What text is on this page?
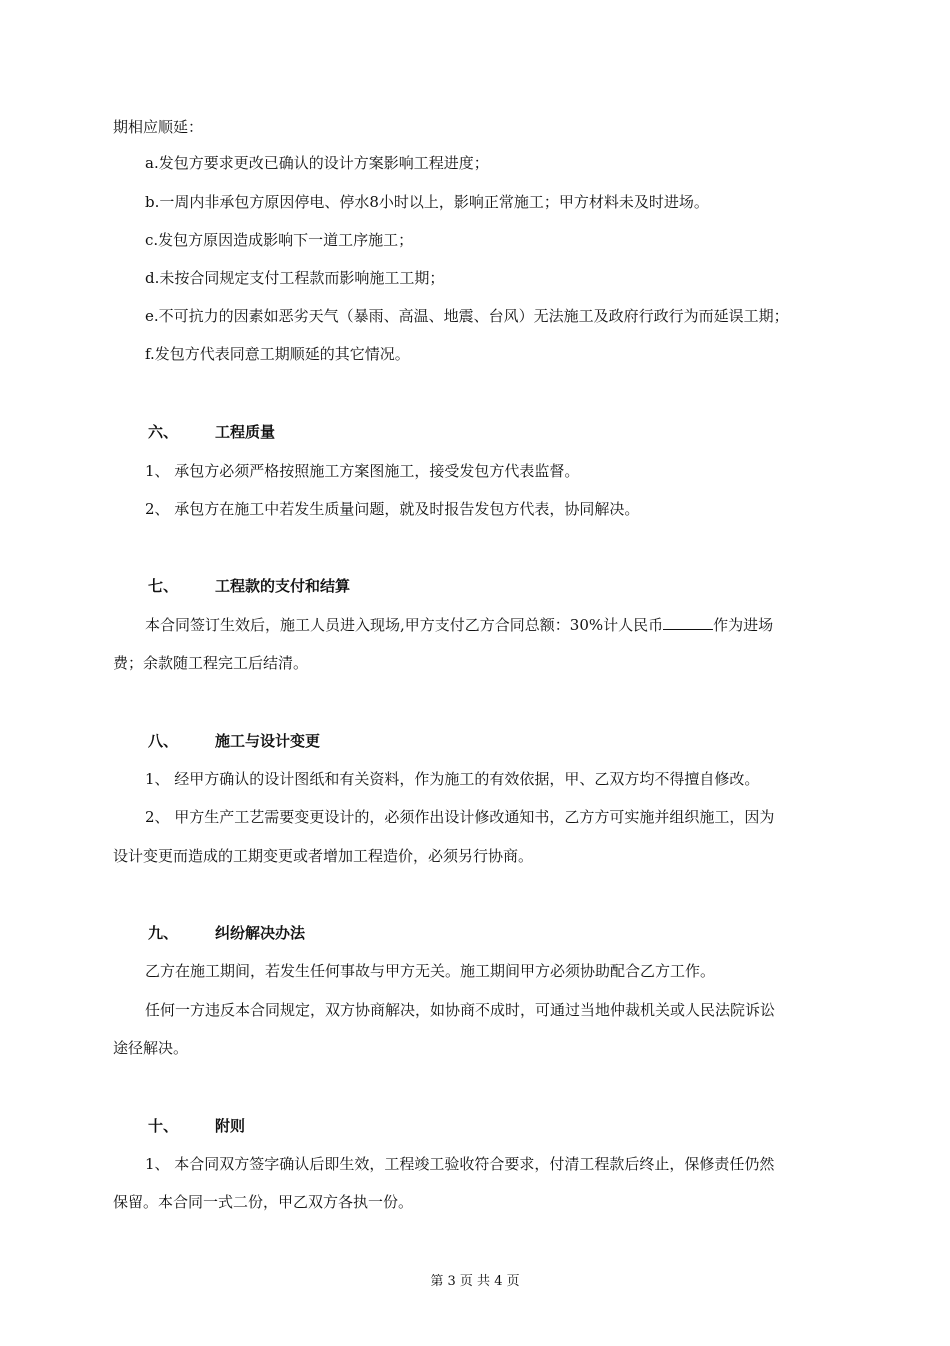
期相应顺延：
a.发包方要求更改已确认的设计方案影响工程进度；
b.一周内非承包方原因停电、停水8小时以上，影响正常施工；甲方材料未及时进场。
c.发包方原因造成影响下一道工序施工；
d.未按合同规定支付工程款而影响施工工期；
e.不可抗力的因素如恶劣天气（暴雨、高温、地震、台风）无法施工及政府行政行为而延误工期；
f.发包方代表同意工期顺延的其它情况。
六、 工程质量
1、 承包方必须严格按照施工方案图施工，接受发包方代表监督。
2、 承包方在施工中若发生质量问题，就及时报告发包方代表，协同解决。
七、 工程款的支付和结算
本合同签订生效后，施工人员进入现场,甲方支付乙方合同总额：30%计人民币	作为进场
费；余款随工程完工后结清。
八、 施工与设计变更
1、 经甲方确认的设计图纸和有关资料，作为施工的有效依据，甲、乙双方均不得擅自修改。
2、 甲方生产工艺需要变更设计的，必须作出设计修改通知书，乙方方可实施并组织施工，因为
设计变更而造成的工期变更或者增加工程造价，必须另行协商。
九、 纠纷解决办法
乙方在施工期间，若发生任何事故与甲方无关。施工期间甲方必须协助配合乙方工作。
任何一方违反本合同规定，双方协商解决，如协商不成时，可通过当地仲裁机关或人民法院诉讼
途径解决。
十、 附则
1、 本合同双方签字确认后即生效，工程竣工验收符合要求，付清工程款后终止，保修责任仍然
保留。本合同一式二份，甲乙双方各执一份。
第 3 页 共 4 页
